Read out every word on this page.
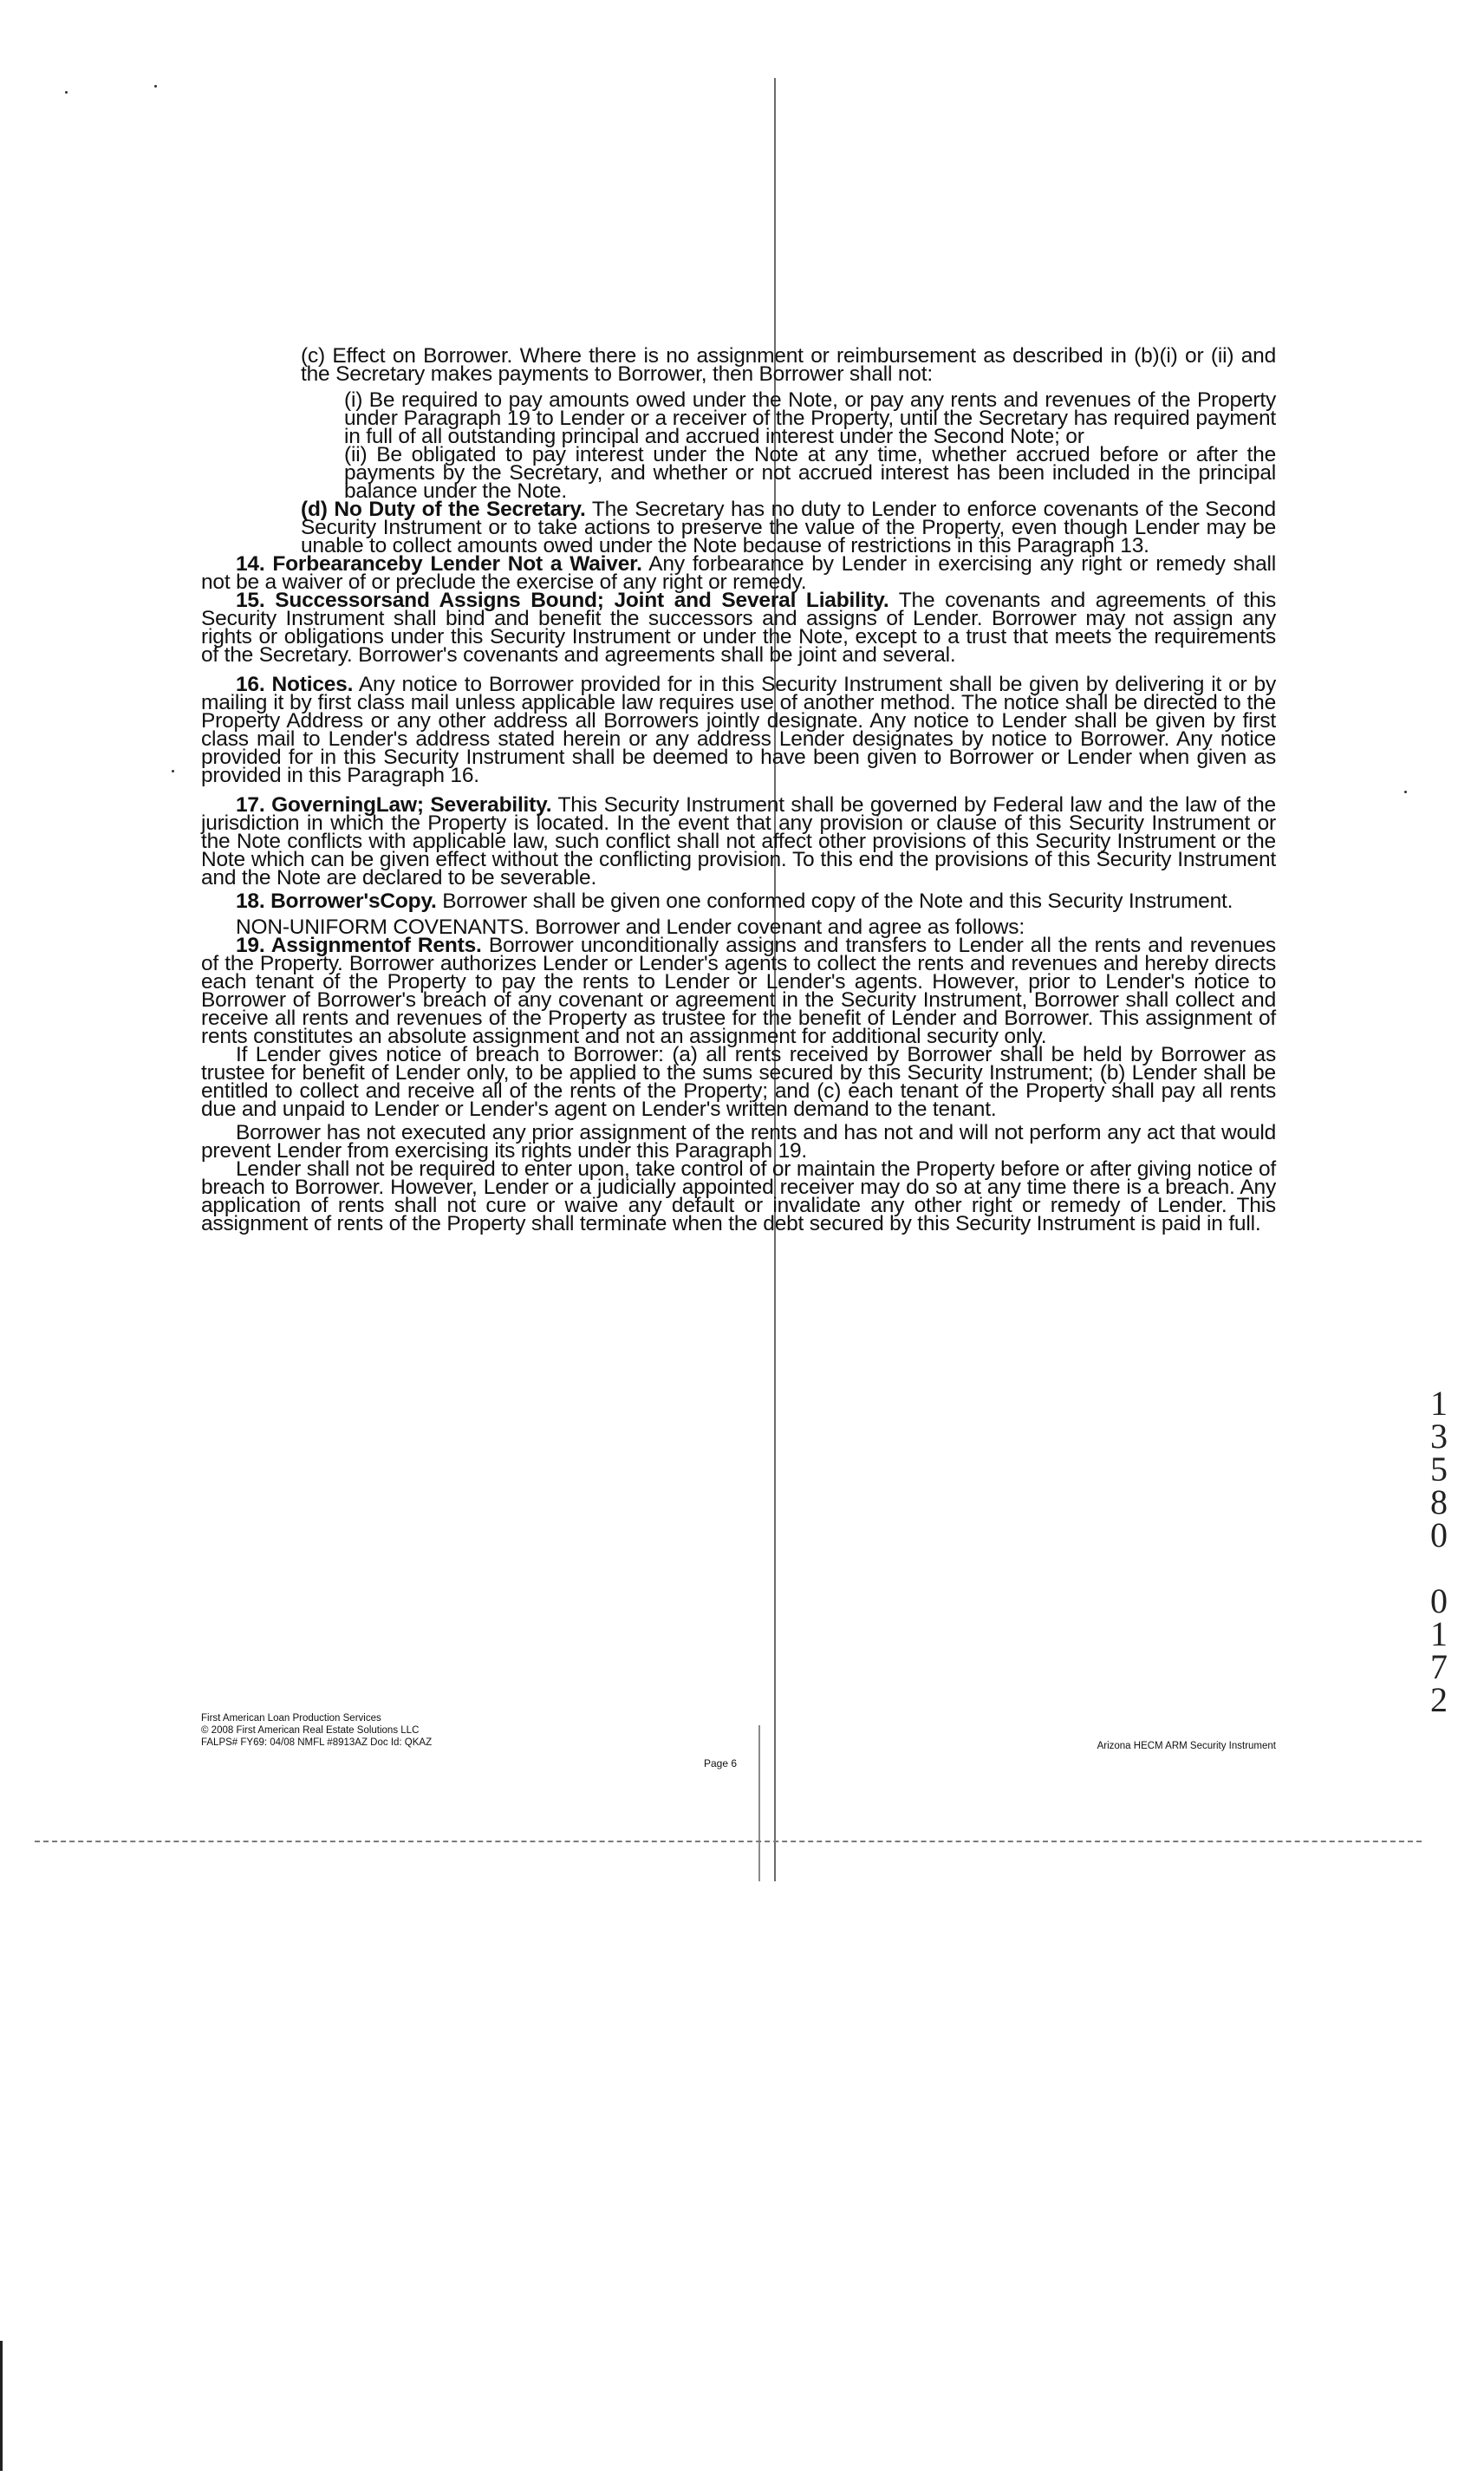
(c) Effect on Borrower. Where there is no assignment or reimbursement as described in (b)(i) or (ii) and the Secretary makes payments to Borrower, then Borrower shall not:

(i) Be required to pay amounts owed under the Note, or pay any rents and revenues of the Property under Paragraph 19 to Lender or a receiver of the Property, until the Secretary has required payment in full of all outstanding principal and accrued interest under the Second Note; or

(ii) Be obligated to pay interest under the Note at any time, whether accrued before or after the payments by the Secretary, and whether or not accrued interest has been included in the principal balance under the Note.

(d) No Duty of the Secretary. The Secretary has no duty to Lender to enforce covenants of the Second Security Instrument or to take actions to preserve the value of the Property, even though Lender may be unable to collect amounts owed under the Note because of restrictions in this Paragraph 13.

14. Forbearanceby Lender Not a Waiver. Any forbearance by Lender in exercising any right or remedy shall not be a waiver of or preclude the exercise of any right or remedy.

15. Successorsand Assigns Bound; Joint and Several Liability. The covenants and agreements of this Security Instrument shall bind and benefit the successors and assigns of Lender. Borrower may not assign any rights or obligations under this Security Instrument or under the Note, except to a trust that meets the requirements of the Secretary. Borrower's covenants and agreements shall be joint and several.

16. Notices. Any notice to Borrower provided for in this Security Instrument shall be given by delivering it or by mailing it by first class mail unless applicable law requires use of another method. The notice shall be directed to the Property Address or any other address all Borrowers jointly designate. Any notice to Lender shall be given by first class mail to Lender's address stated herein or any address Lender designates by notice to Borrower. Any notice provided for in this Security Instrument shall be deemed to have been given to Borrower or Lender when given as provided in this Paragraph 16.

17. GoverningLaw; Severability. This Security Instrument shall be governed by Federal law and the law of the jurisdiction in which the Property is located. In the event that any provision or clause of this Security Instrument or the Note conflicts with applicable law, such conflict shall not affect other provisions of this Security Instrument or the Note which can be given effect without the conflicting provision. To this end the provisions of this Security Instrument and the Note are declared to be severable.

18. Borrower'sCopy. Borrower shall be given one conformed copy of the Note and this Security Instrument.

NON-UNIFORM COVENANTS. Borrower and Lender covenant and agree as follows:

19. Assignmentof Rents. Borrower unconditionally assigns and transfers to Lender all the rents and revenues of the Property. Borrower authorizes Lender or Lender's agents to collect the rents and revenues and hereby directs each tenant of the Property to pay the rents to Lender or Lender's agents. However, prior to Lender's notice to Borrower of Borrower's breach of any covenant or agreement in the Security Instrument, Borrower shall collect and receive all rents and revenues of the Property as trustee for the benefit of Lender and Borrower. This assignment of rents constitutes an absolute assignment and not an assignment for additional security only.

If Lender gives notice of breach to Borrower: (a) all rents received by Borrower shall be held by Borrower as trustee for benefit of Lender only, to be applied to the sums secured by this Security Instrument; (b) Lender shall be entitled to collect and receive all of the rents of the Property; and (c) each tenant of the Property shall pay all rents due and unpaid to Lender or Lender's agent on Lender's written demand to the tenant.

Borrower has not executed any prior assignment of the rents and has not and will not perform any act that would prevent Lender from exercising its rights under this Paragraph 19.

Lender shall not be required to enter upon, take control of or maintain the Property before or after giving notice of breach to Borrower. However, Lender or a judicially appointed receiver may do so at any time there is a breach. Any application of rents shall not cure or waive any default or invalidate any other right or remedy of Lender. This assignment of rents of the Property shall terminate when the debt secured by this Security Instrument is paid in full.

First American Loan Production Services
© 2008 First American Real Estate Solutions LLC
FALPS# FY69: 04/08 NMFL #8913AZ Doc Id: QKAZ
Page 6
Arizona HECM ARM Security Instrument
1
3
5
8
0
0
1
7
2
